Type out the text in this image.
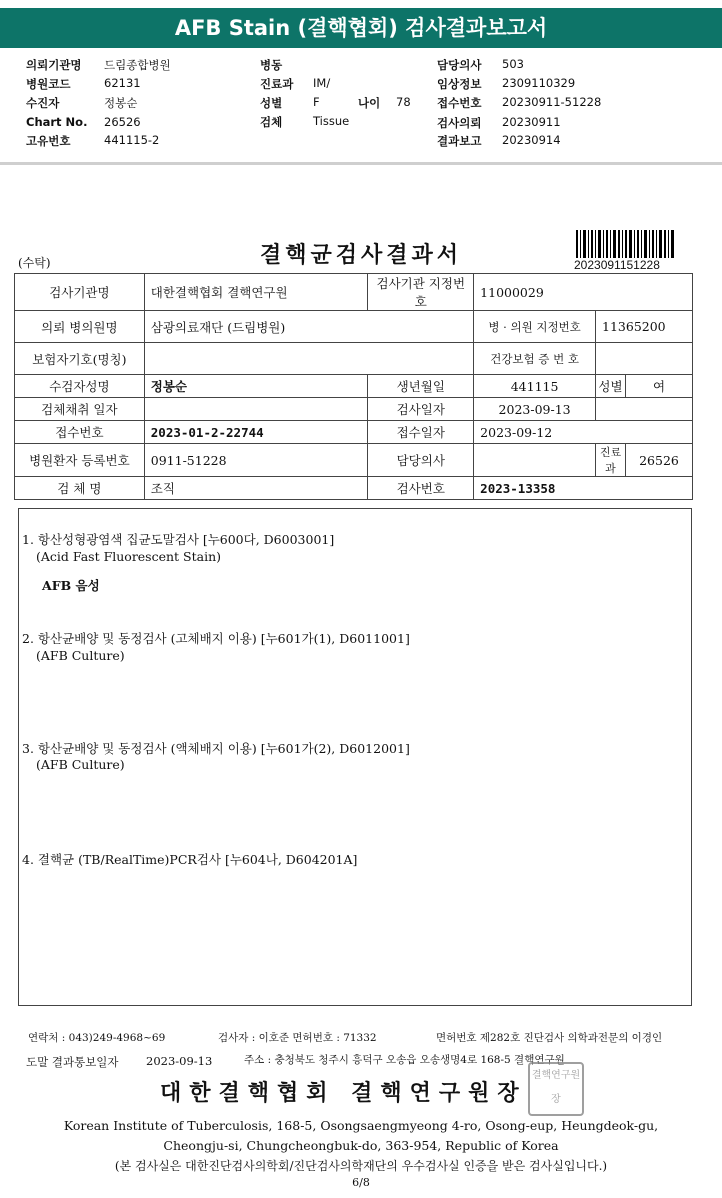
AFB Stain (결핵협회) 검사결과보고서
의뢰기관명 드림종합병원
병원코드	62131
수진자	정봉순
Chart No. 26526
고유번호	441115-2
병동
진료과 IM/
성별	F
검체	Tissue
나이 78
담당의사 503
임상정보 2309110329
접수번호 20230911-51228
검사의뢰 20230911
결과보고 20230914
(수탁)	결핵균검사결과서	2023091151228
검사기관명	대한결핵협회 결핵연구원	검사기관 지정번호	11000029		
의뢰 병의원명	삼광의료재단 (드림병원)		병 · 의원 지정번호	11365200	
보험자기호(명칭)			건강보험 증 번 호		
수검자성명	정봉순	생년월일	441115	성별	여
검체채취 일자		검사일자	2023-09-13		
접수번호	2023-01-2-22744	접수일자	2023-09-12		
병원환자 등록번호	0911-51228	담당의사		진료과	26526
검 체 명	조직	검사번호	2023-13358		
1. 항산성형광염색 집균도말검사 [누600다, D6003001]
(Acid Fast Fluorescent Stain)
AFB 음성
2. 항산균배양 및 동정검사 (고체배지 이용) [누601가(1), D6011001]
(AFB Culture)
3. 항산균배양 및 동정검사 (액체배지 이용) [누601가(2), D6012001]
(AFB Culture)
4. 결핵균 (TB/RealTime)PCR검사 [누604나, D604201A]
연락처 : 043)249-4968~69	검사자 : 이호준 면허번호 : 71332	면허번호 제282호 진단검사 의학과전문의 이경인
도말 결과통보일자 2023-09-13	주소 : 충청북도 청주시 흥덕구 오송읍 오송생명4로 168-5 결핵연구원
대한결핵협회 결핵연구원장
결핵연구원장
Korean Institute of Tuberculosis, 168-5, Osongsaengmyeong 4-ro, Osong-eup, Heungdeok-gu,
Cheongju-si, Chungcheongbuk-do, 363-954, Republic of Korea
(본 검사실은 대한진단검사의학회/진단검사의학재단의 우수검사실 인증을 받은 검사실입니다.)
6/8
